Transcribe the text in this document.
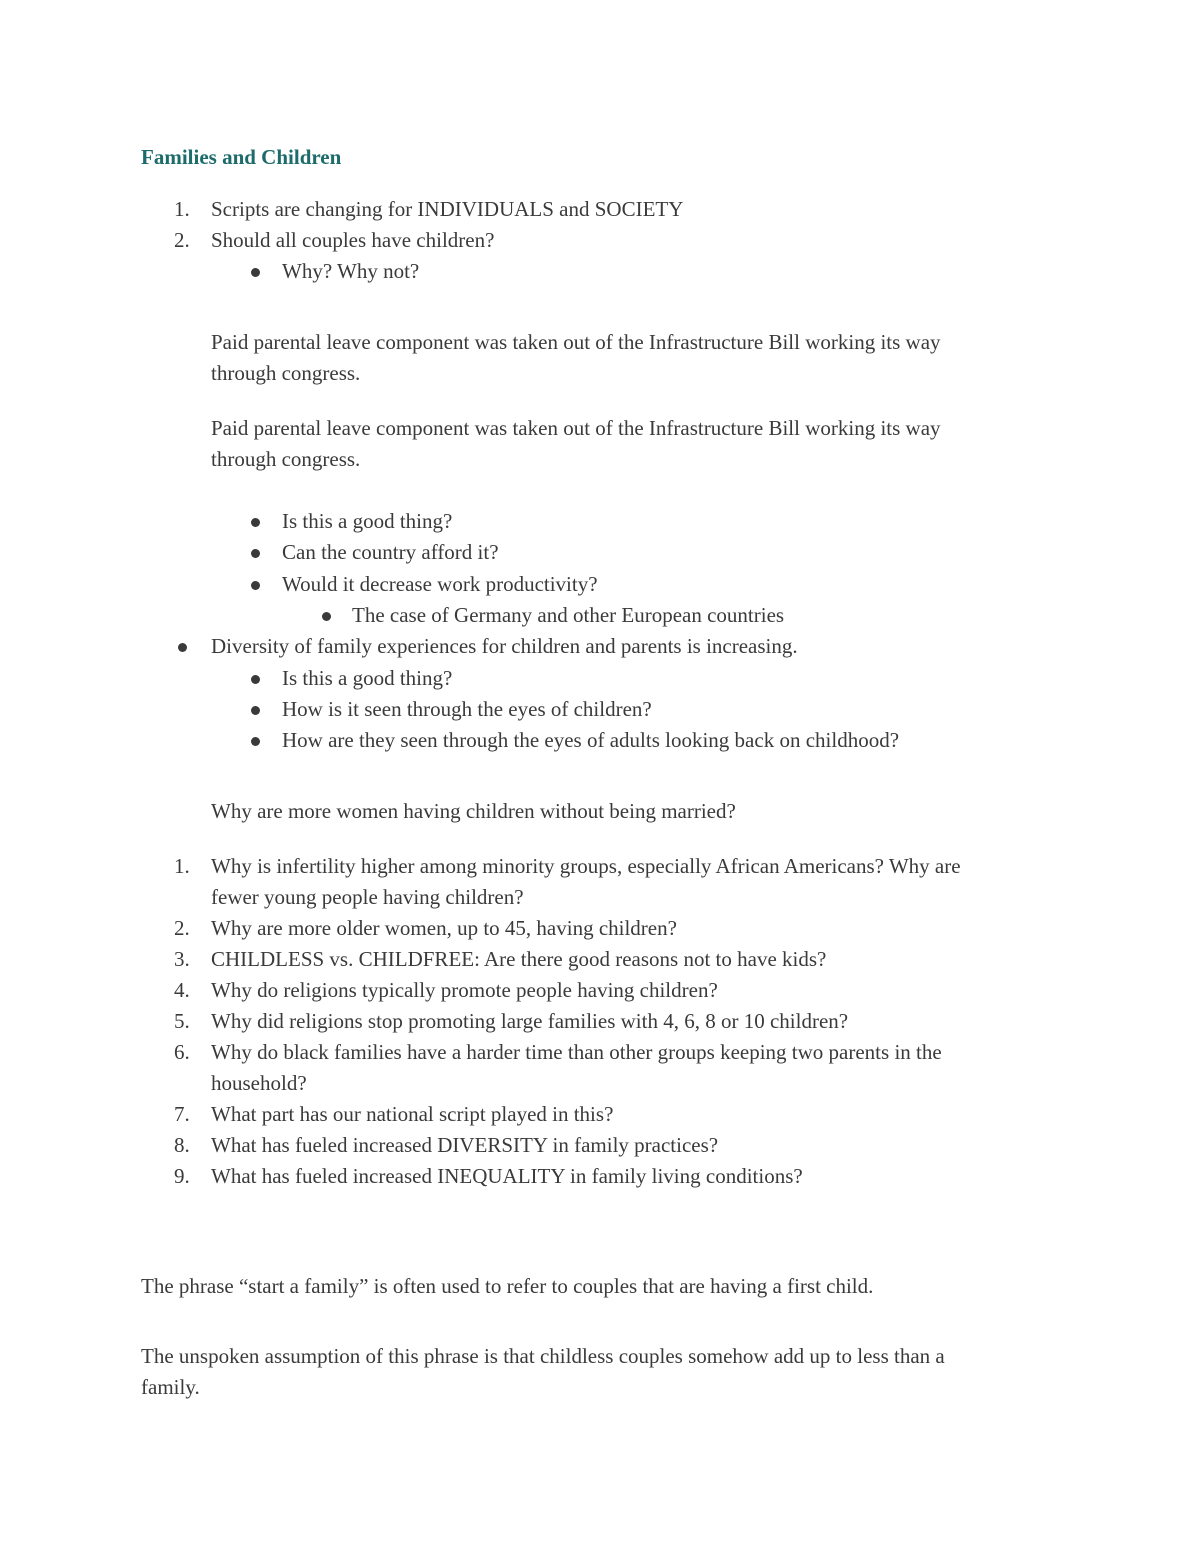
Families and Children
1. Scripts are changing for INDIVIDUALS and SOCIETY
2. Should all couples have children?
Why? Why not?
Paid parental leave component was taken out of the Infrastructure Bill working its way
through congress.
Paid parental leave component was taken out of the Infrastructure Bill working its way
through congress.
Is this a good thing?
Can the country afford it?
Would it decrease work productivity?
The case of Germany and other European countries
Diversity of family experiences for children and parents is increasing.
Is this a good thing?
How is it seen through the eyes of children?
How are they seen through the eyes of adults looking back on childhood?
Why are more women having children without being married?
1. Why is infertility higher among minority groups, especially African Americans? Why are
fewer young people having children?
2. Why are more older women, up to 45, having children?
3. CHILDLESS vs. CHILDFREE: Are there good reasons not to have kids?
4. Why do religions typically promote people having children?
5. Why did religions stop promoting large families with 4, 6, 8 or 10 children?
6. Why do black families have a harder time than other groups keeping two parents in the
household?
7. What part has our national script played in this?
8. What has fueled increased DIVERSITY in family practices?
9. What has fueled increased INEQUALITY in family living conditions?
The phrase “start a family” is often used to refer to couples that are having a first child.
The unspoken assumption of this phrase is that childless couples somehow add up to less than a
family.
